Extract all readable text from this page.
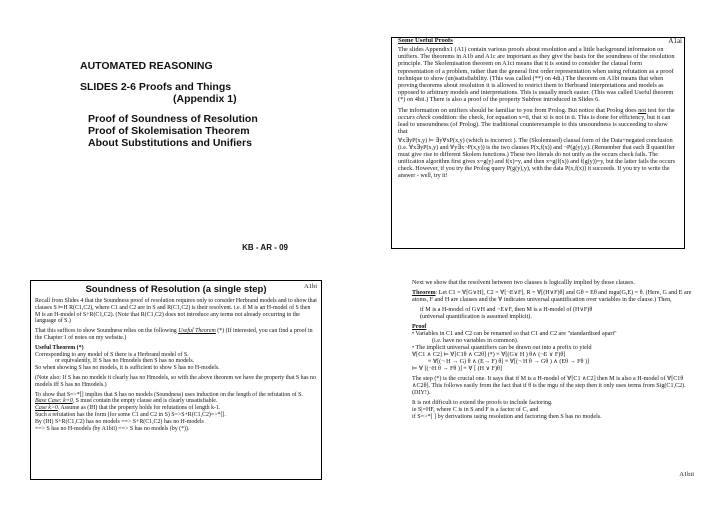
AUTOMATED REASONING
SLIDES 2-6 Proofs and Things
(Appendix 1)
Proof of Soundness of Resolution
Proof of Skolemisation Theorem
About Substitutions and Unifiers
KB - AR - 09
Some Useful Proofs	A1ai

The slides Appendix1 (A1) contain various proofs about resolution and a little background informaton on unifiers. The theorems in A1b and A1c are important as they give the basis for the soundness of the resolution principle. The Skolemisation theorem on A1ci means that it is sound to consider the clausal form representation of a problem, rather than the general first order representation when using refutation as a proof technique to show (un)satisfiability. (This was called (**) on 4di.) The theorem on A1bi means that when proving theorems about resolution it is allowed to restrict them to Herbrand interpretations and models as opposed to arbitrary models and interpretations. This is usually much easier. (This was called Useful theorem (*) on 4bii.) There is also a proof of the property Subfree introduced in Slides 6.

The information on unifiers should be familiar to you from Prolog. But notice that Prolog does not test for the occurs check condition: the check, for equation x=ti, that xi is not in ti. This is done for efficiency, but it can lead to unsoundness (of Prolog). The traditional counterexample to this unsoundness is succeeding to show that

∀x∃yP(x,y) ⊨ ∃y∀xP(x,y) (which is incorrect ). The (Skolemised) clausal form of the Data+negated conclusion (i.e. ∀x∃yP(x,y) and ∀y∃x¬P(x,y)) is the two clauses P(x,f(x)) and ¬P(g(y),y). (Remember that each ∃ quantifier must give rise to different Skolem functions.) These two literals do not unify as the occurs check fails. The unification algorithm first gives x=g(y) and f(x)=y, and then x=g(f(x)) and f(g(y))=y, but the latter fails the occurs check. However, if you try the Prolog query P(g(y),y), with the data P(x,f(x)) it succeeds. If you try to write the answer - well, try it!

A1bi
Soundness of Resolution (a single step)

Recall from Slides 4 that the Soundness proof of resolution requires only to consider Herbrand models and to show that clauses S ⊨H R(C1,C2), where C1 and C2 are in S and R(C1,C2) is their resolvent. i.e. if M is an H-model of S then M is an H-model of S+R(C1,C2). (Note that R(C1,C2) does not introduce any terms not already occurring in the language of S.)

That this suffices to show Soundness relies on the following Useful Theorem (*) (If interested, you can find a proof in the Chapter 1 of notes on my website.)

Useful Theorem (*)
Corresponding to any model of S there is a Herbrand model of S.
or equivalently, If S has no Hmodels then S has no models.
So when showing S has no models, it is sufficient to show S has no H-models.

(Note also: If S has no models it clearly has no Hmodels, so with the above theorem we have the property that S has no models iff S has no Hmodels.)

To show that S=>*[] implies that S has no models (Soundness) uses induction on the length of the refutation of S.
Base Case: k=0, S must contain the empty clause and is clearly unsatisfiable.
Case k>0. Assume as (IH) that the property holds for refutations of length k-1.
Such a refutation has the form (for some C1 and C2 in S) S=>S+R(C1,C2)=>*[].
By (IH) S+R(C1,C2) has no models ==> S+R(C1,C2) has no H-models
==> S has no H-models (by A1bii) ==> S has no models (by (*)).

Next we show that the resolvent between two clauses is logicallly implied by those clauses.

Theorem: Let C1 = ∀[G∨H], C2 = ∀[¬E∨F], R = ∀[(H∨F)θ] and Gθ = Eθ and mgu(G,E) = θ. (Here, G and E are atoms, F and H are clauses and the ∀ indicates universal quantification over variables in the clause.) Then,

if M is a H-model of G∨H and ¬E∨F, then M is a H-model of (H∨F)θ
(universal quantification is assumed implicit).

Proof
• Variables in C1 and C2 can be renamed so that C1 and C2 are "standardised apart"
(i.e. have no variables in common).
• The implicit universal quantifiers can be drawn out into a prefix to yield
∀[C1 ∧ C2] ⊨ ∀[C1θ ∧ C2θ] (*) ≡ ∀[(G∨ H ) θ∧ (¬E ∨ F)θ]
≡ ∀[(¬ H → G) θ ∧ (E→ F) θ] ≡ ∀[(¬ H θ → Gθ ) ∧ (Eθ → Fθ )]
⊨ ∀ [(¬H θ → Fθ )] ≡ ∀ [ (H ∨ F)θ]

The step (*) is the crucial one. It says that if M is a H-model of ∀[C1 ∧C2] then M is also a H-model of ∀[C1θ ∧C2θ]. This follows easily from the fact that if θ is the mgu of the step then it only uses terms from Sig(C1,C2). (DIY!).

It is not difficult to extend the proofs to include factoring.
ie S|=HF, where C is in S and F is a factor of C, and
if S=>*[ ] by derivations using resolution and factoring then S has no models.

A1bii
